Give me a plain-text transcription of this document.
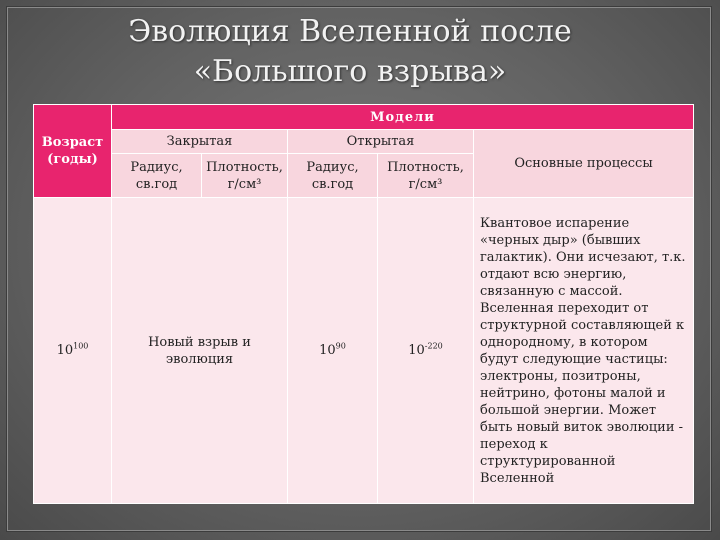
Эволюция Вселенной после
«Большого взрыва»
Возраст (годы)	Модели				
	Закрытая		Открытая		Основные процессы
	Радиус, св.год	Плотность, г/см³	Радиус, св.год	Плотность, г/см³	
$10^{100}$	Новый взрыв и эволюция		$10^{90}$	$10^{-220}$	Квантовое испарение «черных дыр» (бывших галактик). Они исчезают, т.к. отдают всю энергию, связанную с массой. Вселенная переходит от структурной составляющей к однородному, в котором будут следующие частицы: электроны, позитроны, нейтрино, фотоны малой и большой энергии. Может быть новый виток эволюции - переход к структурированной Вселенной
